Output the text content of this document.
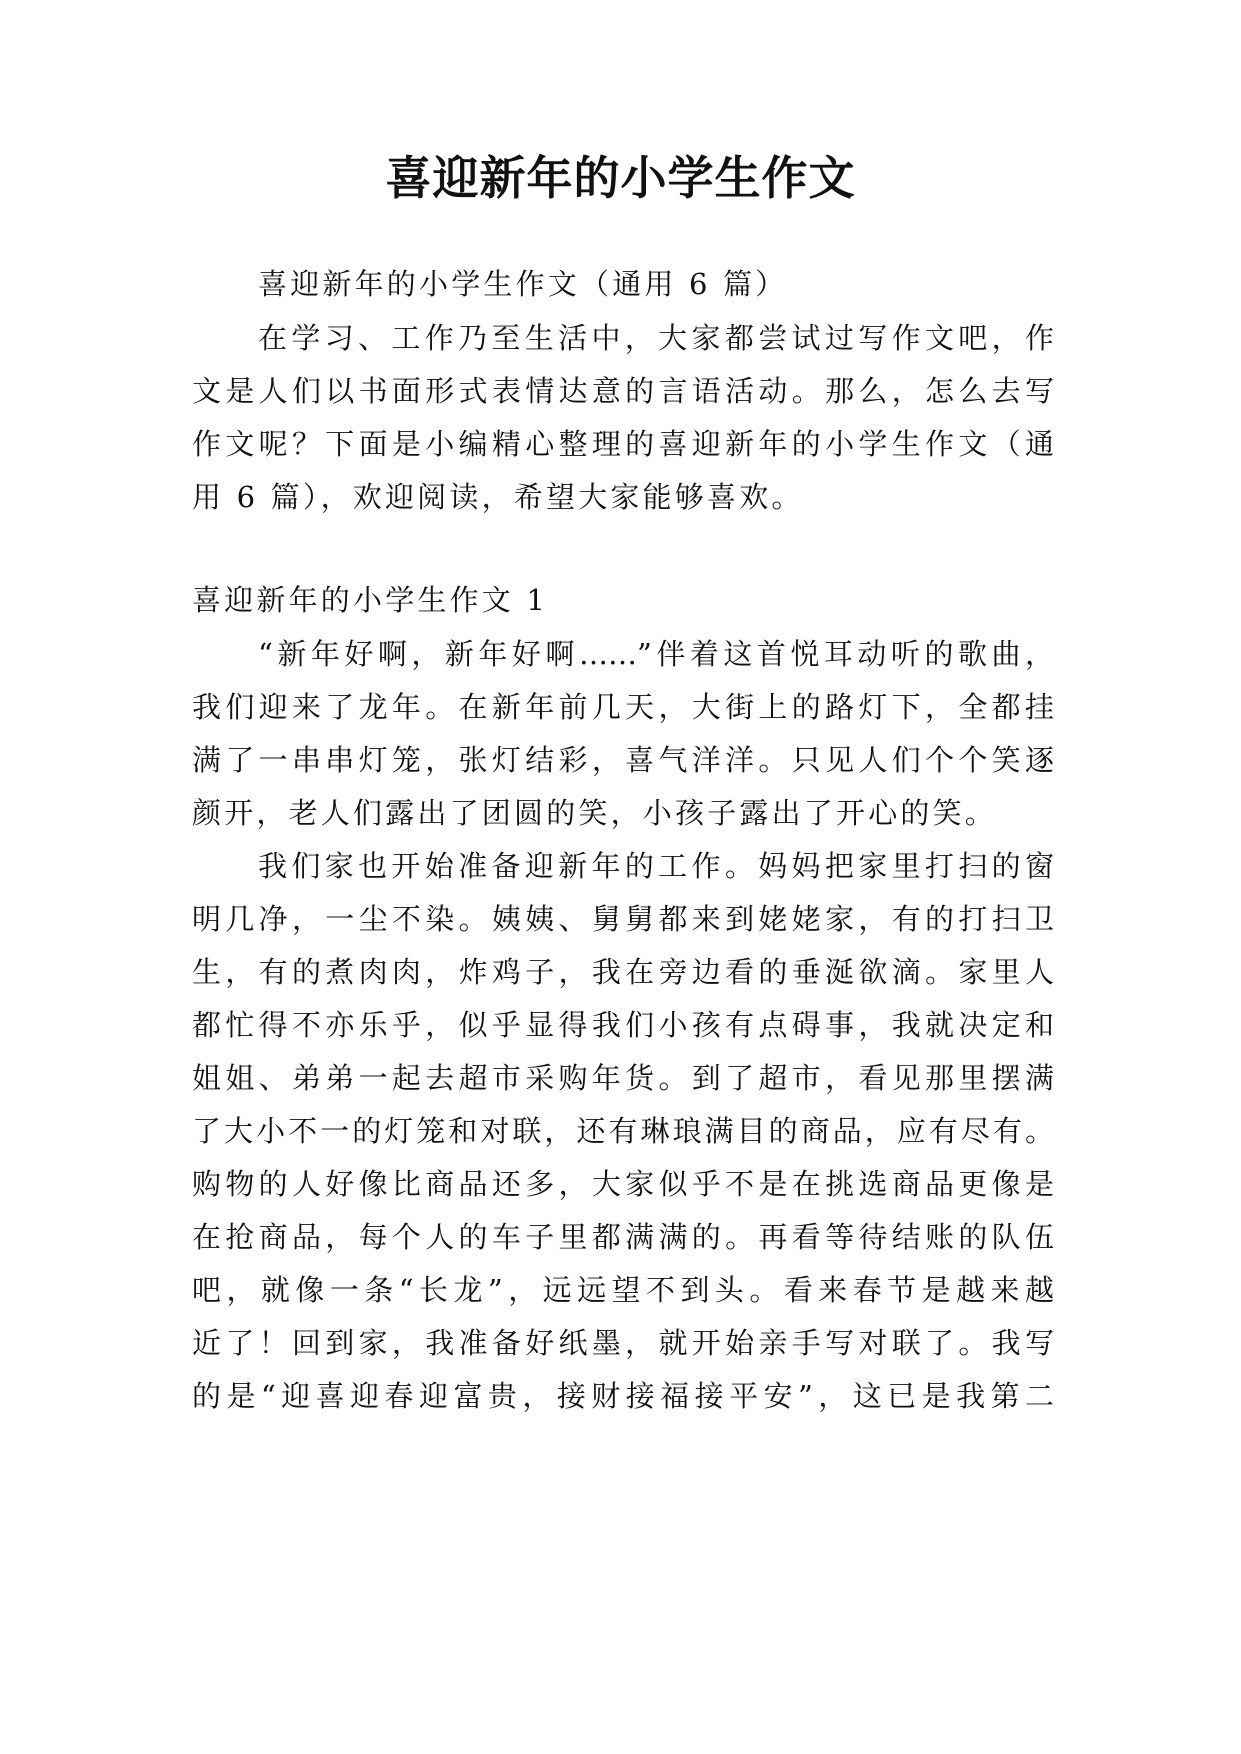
喜迎新年的小学生作文

喜迎新年的小学生作文（通用 6 篇）

在学习、工作乃至生活中，大家都尝试过写作文吧，作

文是人们以书面形式表情达意的言语活动。那么，怎么去写

作文呢？下面是小编精心整理的喜迎新年的小学生作文（通

用 6 篇），欢迎阅读，希望大家能够喜欢。

喜迎新年的小学生作文 1

“新年好啊，新年好啊……”伴着这首悦耳动听的歌曲，

我们迎来了龙年。在新年前几天，大街上的路灯下，全都挂

满了一串串灯笼，张灯结彩，喜气洋洋。只见人们个个笑逐

颜开，老人们露出了团圆的笑，小孩子露出了开心的笑。

我们家也开始准备迎新年的工作。妈妈把家里打扫的窗

明几净，一尘不染。姨姨、舅舅都来到姥姥家，有的打扫卫

生，有的煮肉肉，炸鸡子，我在旁边看的垂涎欲滴。家里人

都忙得不亦乐乎，似乎显得我们小孩有点碍事，我就决定和

姐姐、弟弟一起去超市采购年货。到了超市，看见那里摆满

了大小不一的灯笼和对联，还有琳琅满目的商品，应有尽有。

购物的人好像比商品还多，大家似乎不是在挑选商品更像是

在抢商品，每个人的车子里都满满的。再看等待结账的队伍

吧，就像一条“长龙”，远远望不到头。看来春节是越来越

近了！回到家，我准备好纸墨，就开始亲手写对联了。我写

的是“迎喜迎春迎富贵，接财接福接平安”，这已是我第二
